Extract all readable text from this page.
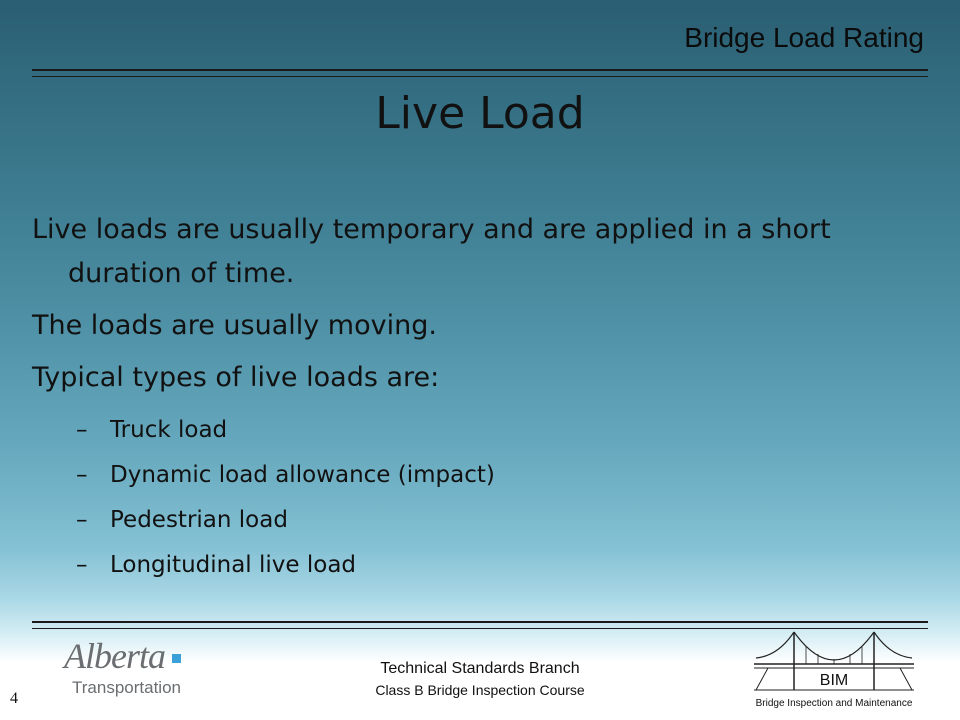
Bridge Load Rating
Live Load

Live loads are usually temporary and are applied in a short duration of time.

The loads are usually moving.

Typical types of live loads are:

– Truck load

– Dynamic load allowance (impact)

– Pedestrian load

– Longitudinal live load

Alberta
Transportation
Technical Standards Branch
Class B Bridge Inspection Course
4
BIM
Bridge Inspection and Maintenance
